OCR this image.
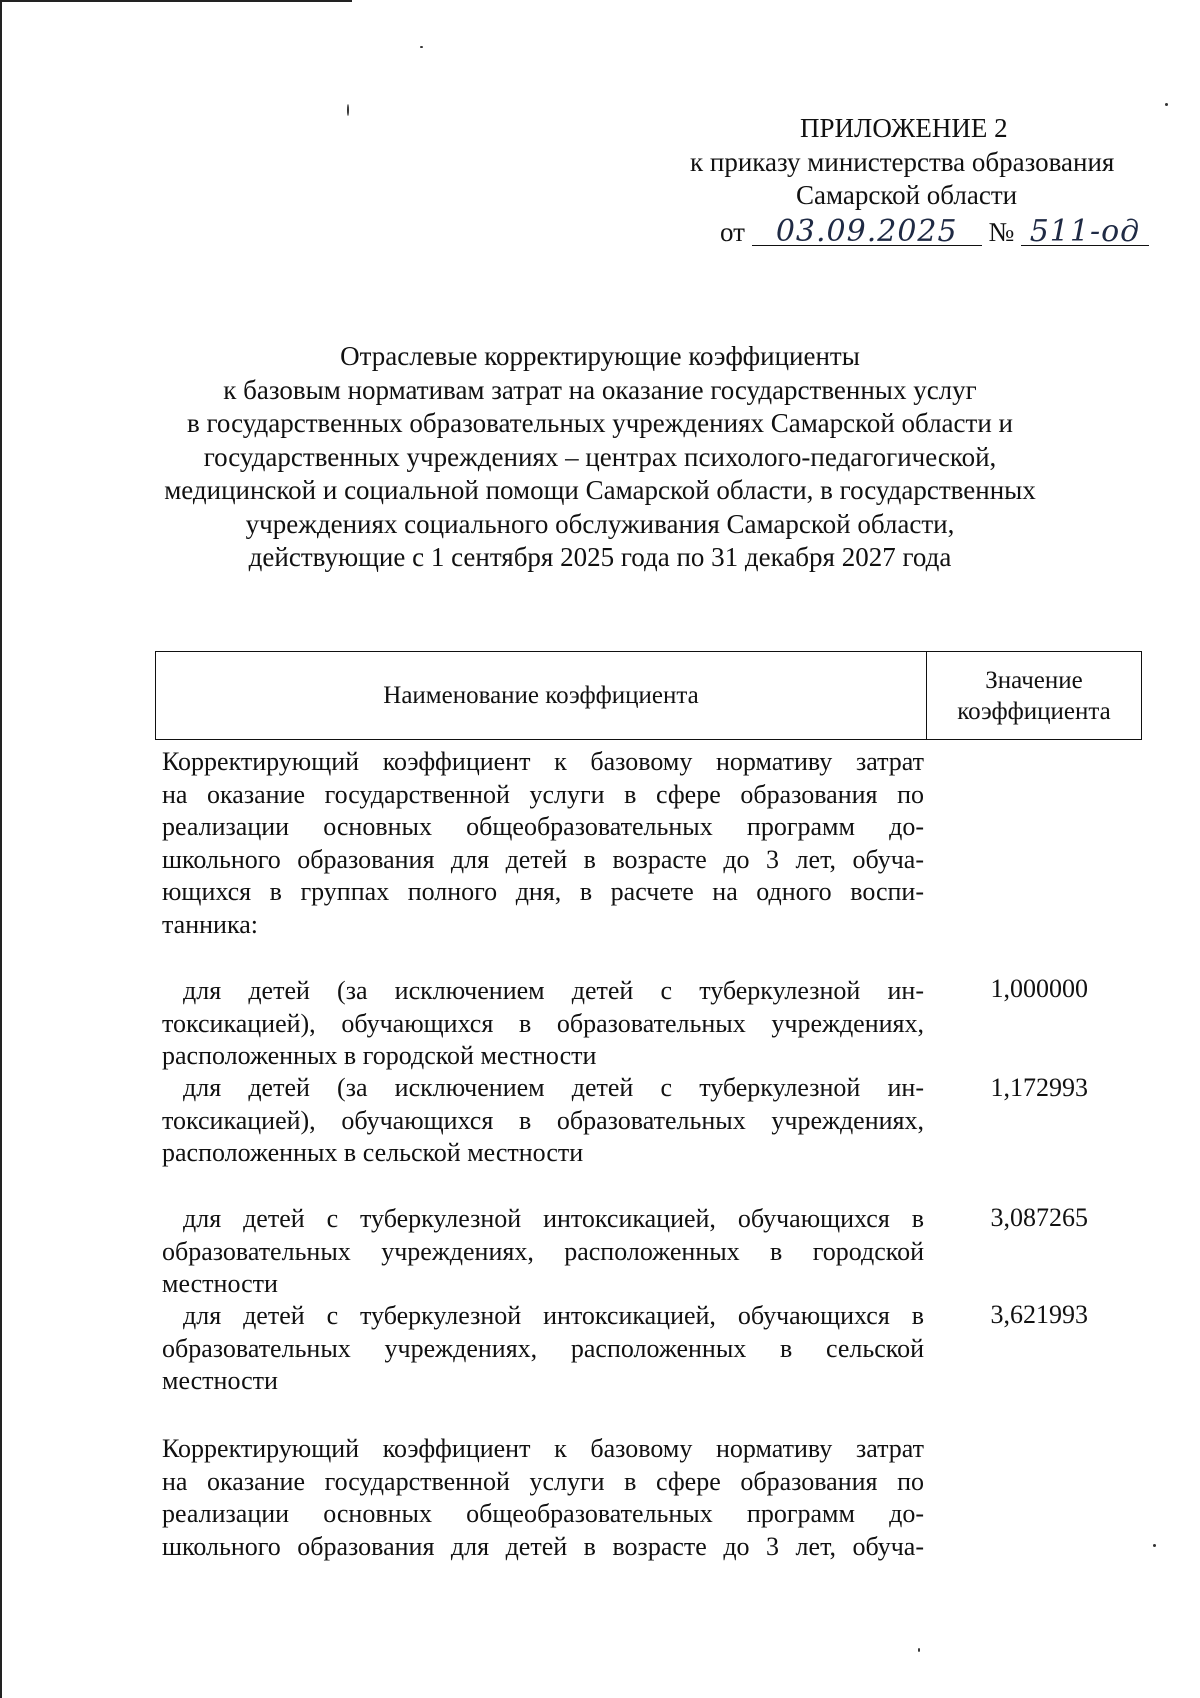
ПРИЛОЖЕНИЕ 2
к приказу министерства образования
Самарской области
от 03.09.2025 № 511-од
Отраслевые корректирующие коэффициенты
к базовым нормативам затрат на оказание государственных услуг
в государственных образовательных учреждениях Самарской области и
государственных учреждениях – центрах психолого-педагогической,
медицинской и социальной помощи Самарской области, в государственных
учреждениях социального обслуживания Самарской области,
действующие с 1 сентября 2025 года по 31 декабря 2027 года
Наименование коэффициента
Значение
коэффициента
Корректирующий коэффициент к базовому нормативу затрат
на оказание государственной услуги в сфере образования по
реализации основных общеобразовательных программ до-
школьного образования для детей в возрасте до 3 лет, обуча-
ющихся в группах полного дня, в расчете на одного воспи-
танника:
для детей (за исключением детей с туберкулезной ин-
токсикацией), обучающихся в образовательных учреждениях,
расположенных в городской местности
1,000000
для детей (за исключением детей с туберкулезной ин-
токсикацией), обучающихся в образовательных учреждениях,
расположенных в сельской местности
1,172993
для детей с туберкулезной интоксикацией, обучающихся в
образовательных учреждениях, расположенных в городской
местности
3,087265
для детей с туберкулезной интоксикацией, обучающихся в
образовательных учреждениях, расположенных в сельской
местности
3,621993
Корректирующий коэффициент к базовому нормативу затрат
на оказание государственной услуги в сфере образования по
реализации основных общеобразовательных программ до-
школьного образования для детей в возрасте до 3 лет, обуча-
